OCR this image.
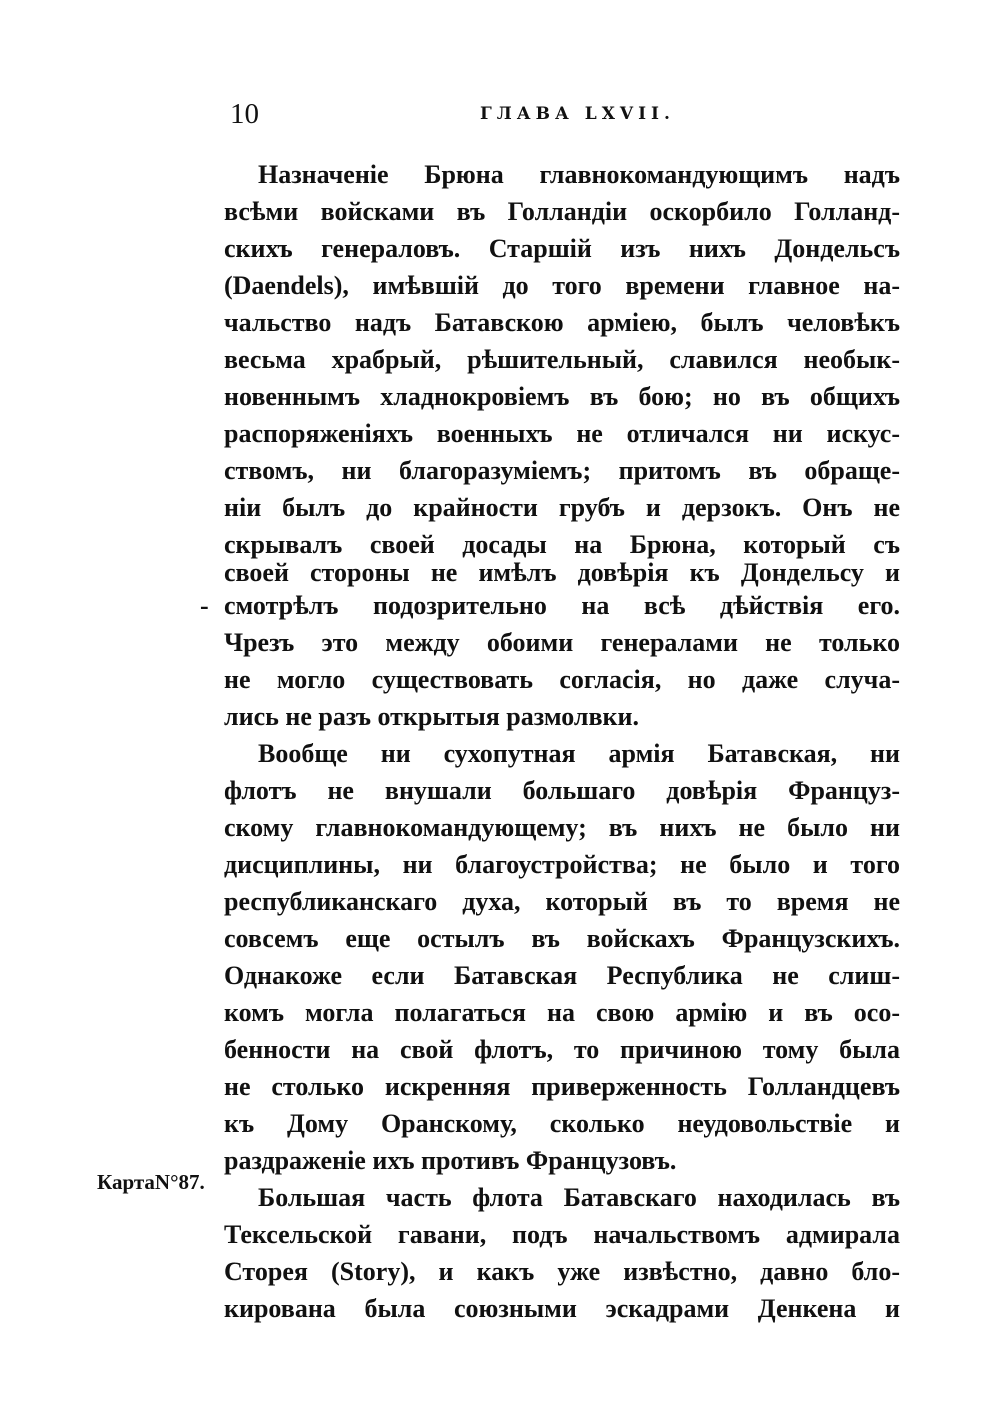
10	ГЛАВА LXVII.
-
КартаN°87.
Назначеніе Брюна главнокомандующимъ надъ
всѣми войсками въ Голландіи оскорбило Голланд-
скихъ генераловъ. Старшій изъ нихъ Дондельсъ
(Daendels), имѣвшій до того времени главное на-
чальство надъ Батавскою арміею, былъ человѣкъ
весьма храбрый, рѣшительный, славился необык-
новеннымъ хладнокровіемъ въ бою; но въ общихъ
распоряженіяхъ военныхъ не отличался ни искус-
ствомъ, ни благоразуміемъ; притомъ въ обраще-
ніи былъ до крайности грубъ и дерзокъ. Онъ не
скрывалъ своей досады на Брюна, который съ
своей стороны не имѣлъ довѣрія къ Дондельсу и
смотрѣлъ подозрительно на всѣ дѣйствія его.
Чрезъ это между обоими генералами не только
не могло существовать согласія, но даже случа-
лись не разъ открытыя размолвки.
Вообще ни сухопутная армія Батавская, ни
флотъ не внушали большаго довѣрія Француз-
скому главнокомандующему; въ нихъ не было ни
дисциплины, ни благоустройства; не было и того
республиканскаго духа, который въ то время не
совсемъ еще остылъ въ войскахъ Французскихъ.
Однакоже если Батавская Республика не слиш-
комъ могла полагаться на свою армію и въ осо-
бенности на свой флотъ, то причиною тому была
не столько искренняя приверженность Голландцевъ
къ Дому Оранскому, сколько неудовольствіе и
раздраженіе ихъ противъ Французовъ.
Большая часть флота Батавскаго находилась въ
Тексельской гавани, подъ начальствомъ адмирала
Сторея (Story), и какъ уже извѣстно, давно бло-
кирована была союзными эскадрами Денкена и
